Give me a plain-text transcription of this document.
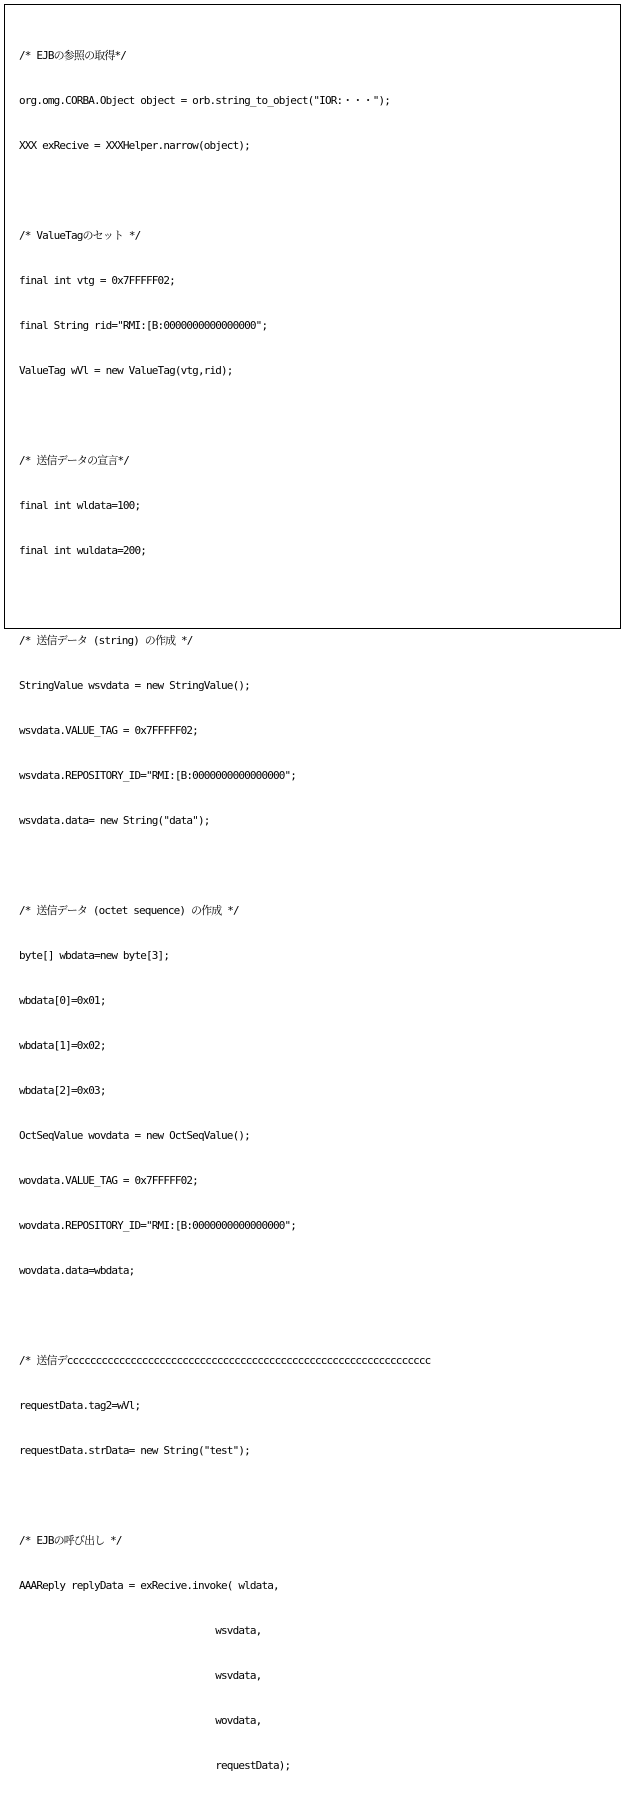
/* EJBの参照の取得*/

org.omg.CORBA.Object object = orb.string_to_object("IOR:・・・");

XXX exRecive = XXXHelper.narrow(object);

/* ValueTagのセット */

final int vtg = 0x7FFFFF02;

final String rid="RMI:[B:0000000000000000";

ValueTag wVl = new ValueTag(vtg,rid);

/* 送信データの宣言*/

final int wldata=100;

final int wuldata=200;

/* 送信データ (string) の作成 */

StringValue wsvdata = new StringValue();

wsvdata.VALUE_TAG = 0x7FFFFF02;

wsvdata.REPOSITORY_ID="RMI:[B:0000000000000000";

wsvdata.data= new String("data");

/* 送信データ (octet sequence) の作成 */

byte[] wbdata=new byte[3];

wbdata[0]=0x01;

wbdata[1]=0x02;

wbdata[2]=0x03;

OctSeqValue wovdata = new OctSeqValue();

wovdata.VALUE_TAG = 0x7FFFFF02;

wovdata.REPOSITORY_ID="RMI:[B:0000000000000000";

wovdata.data=wbdata;

/* 送信デccccccccccccccccccccccccccccccccccccccccccccccccccccccccccccccc

requestData.tag2=wVl;

requestData.strData= new String("test");

/* EJBの呼び出し */

AAAReply replyData = exRecive.invoke( wldata,

wsvdata,

wsvdata,

wovdata,

requestData);
